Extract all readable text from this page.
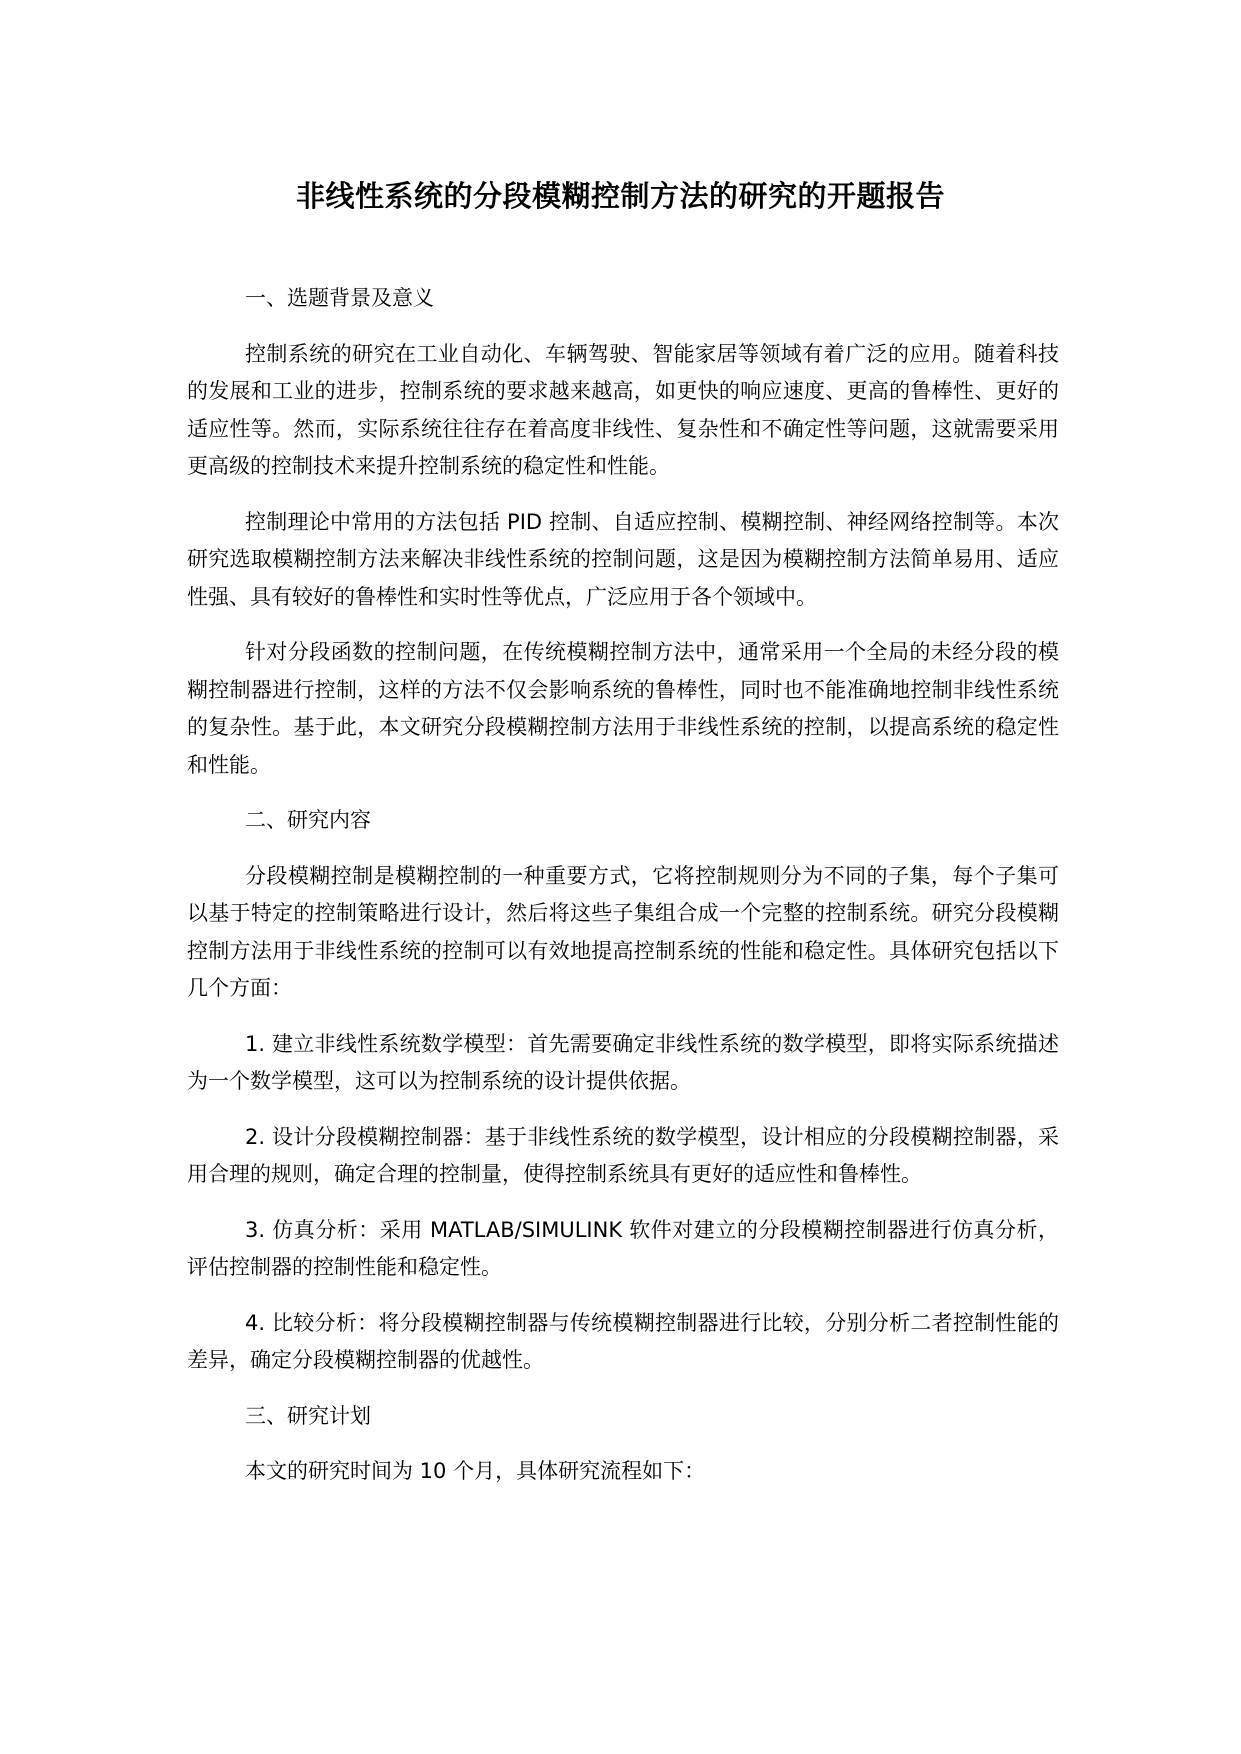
非线性系统的分段模糊控制方法的研究的开题报告

一、选题背景及意义

控制系统的研究在工业自动化、车辆驾驶、智能家居等领域有着广泛的应用。随着科技的发展和工业的进步，控制系统的要求越来越高，如更快的响应速度、更高的鲁棒性、更好的适应性等。然而，实际系统往往存在着高度非线性、复杂性和不确定性等问题，这就需要采用更高级的控制技术来提升控制系统的稳定性和性能。

控制理论中常用的方法包括 PID 控制、自适应控制、模糊控制、神经网络控制等。本次研究选取模糊控制方法来解决非线性系统的控制问题，这是因为模糊控制方法简单易用、适应性强、具有较好的鲁棒性和实时性等优点，广泛应用于各个领域中。

针对分段函数的控制问题，在传统模糊控制方法中，通常采用一个全局的未经分段的模糊控制器进行控制，这样的方法不仅会影响系统的鲁棒性，同时也不能准确地控制非线性系统的复杂性。基于此，本文研究分段模糊控制方法用于非线性系统的控制，以提高系统的稳定性和性能。

二、研究内容

分段模糊控制是模糊控制的一种重要方式，它将控制规则分为不同的子集，每个子集可以基于特定的控制策略进行设计，然后将这些子集组合成一个完整的控制系统。研究分段模糊控制方法用于非线性系统的控制可以有效地提高控制系统的性能和稳定性。具体研究包括以下几个方面：

1. 建立非线性系统数学模型：首先需要确定非线性系统的数学模型，即将实际系统描述为一个数学模型，这可以为控制系统的设计提供依据。

2. 设计分段模糊控制器：基于非线性系统的数学模型，设计相应的分段模糊控制器，采用合理的规则，确定合理的控制量，使得控制系统具有更好的适应性和鲁棒性。

3. 仿真分析：采用 MATLAB/SIMULINK 软件对建立的分段模糊控制器进行仿真分析，评估控制器的控制性能和稳定性。

4. 比较分析：将分段模糊控制器与传统模糊控制器进行比较，分别分析二者控制性能的差异，确定分段模糊控制器的优越性。

三、研究计划

本文的研究时间为 10 个月，具体研究流程如下：
